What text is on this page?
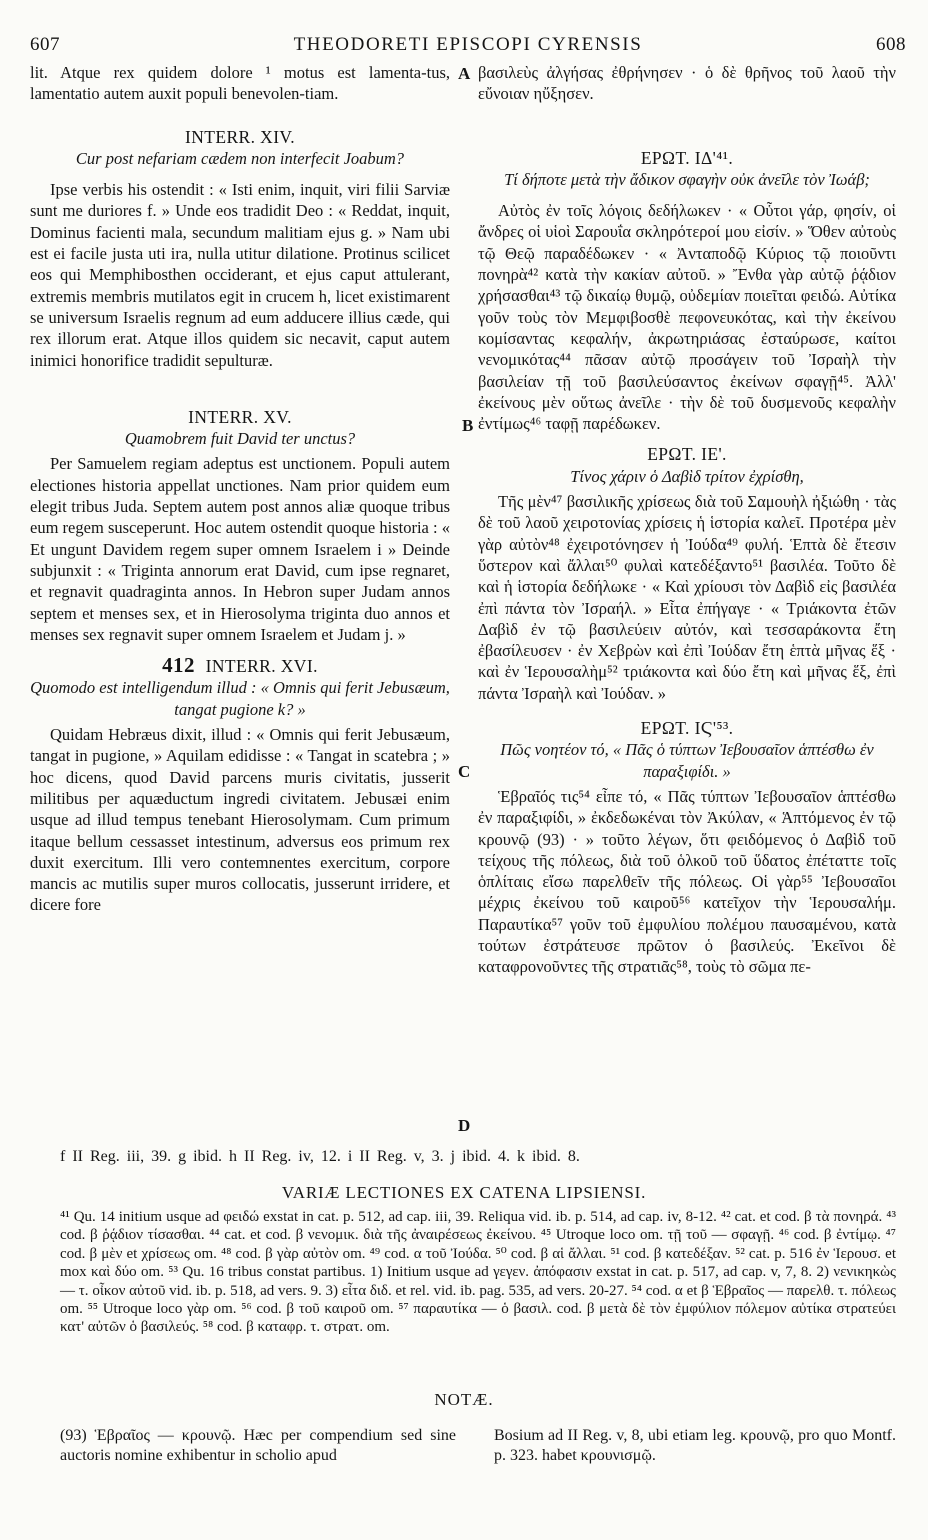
607	THEODORETI EPISCOPI CYRENSIS	608
A
B
C
D

lit. Atque rex quidem dolore ¹ motus est lamenta-tus, lamentatio autem auxit populi benevolen-tiam.

INTERR. XIV.
Cur post nefariam cædem non interfecit Joabum?

Ipse verbis his ostendit : « Isti enim, inquit, viri filii Sarviæ sunt me duriores f. » Unde eos tradidit Deo : « Reddat, inquit, Dominus facienti mala, secundum malitiam ejus g. » Nam ubi est ei facile justa uti ira, nulla utitur dilatione. Protinus scilicet eos qui Memphibosthen occiderant, et ejus caput attulerant, extremis membris mutilatos egit in crucem h, licet existimarent se universum Israelis regnum ad eum adducere illius cæde, qui rex illorum erat. Atque illos quidem sic necavit, caput autem inimici honorifice tradidit sepulturæ.

INTERR. XV.
Quamobrem fuit David ter unctus?

Per Samuelem regiam adeptus est unctionem. Populi autem electiones historia appellat unctiones. Nam prior quidem eum elegit tribus Juda. Septem autem post annos aliæ quoque tribus eum regem susceperunt. Hoc autem ostendit quoque historia : « Et ungunt Davidem regem super omnem Israelem i » Deinde subjunxit : « Triginta annorum erat David, cum ipse regnaret, et regnavit quadraginta annos. In Hebron super Judam annos septem et menses sex, et in Hierosolyma triginta duo annos et menses sex regnavit super omnem Israelem et Judam j. »

412 INTERR. XVI.
Quomodo est intelligendum illud : « Omnis qui ferit Jebusæum, tangat pugione k? »

Quidam Hebræus dixit, illud : « Omnis qui ferit Jebusæum, tangat in pugione, » Aquilam edidisse : « Tangat in scatebra ; » hoc dicens, quod David parcens muris civitatis, jusserit militibus per aquæductum ingredi civitatem. Jebusæi enim usque ad illud tempus tenebant Hierosolymam. Cum primum itaque bellum cessasset intestinum, adversus eos primum rex duxit exercitum. Illi vero contemnentes exercitum, corpore mancis ac mutilis super muros collocatis, jusserunt irridere, et dicere fore

βασιλεὺς ἀλγήσας ἐθρήνησεν · ὁ δὲ θρῆνος τοῦ λαοῦ τὴν εὔνοιαν ηὔξησεν.

ΕΡΩΤ. ΙΔ'⁴¹.
Τί δήποτε μετὰ τὴν ἄδικον σφαγὴν οὐκ ἀνεῖλε τὸν Ἰωάβ;

Αὐτὸς ἐν τοῖς λόγοις δεδήλωκεν · « Οὗτοι γάρ, φησίν, οἱ ἄνδρες οἱ υἱοὶ Σαρουΐα σκληρότεροί μου εἰσίν. » Ὅθεν αὐτοὺς τῷ Θεῷ παραδέδωκεν · « Ἀνταποδῷ Κύριος τῷ ποιοῦντι πονηρὰ⁴² κατὰ τὴν κακίαν αὐτοῦ. » Ἔνθα γὰρ αὐτῷ ῥᾴδιον χρήσασθαι⁴³ τῷ δικαίῳ θυμῷ, οὐδεμίαν ποιεῖται φειδώ. Αὐτίκα γοῦν τοὺς τὸν Μεμφιβοσθὲ πεφονευκότας, καὶ τὴν ἐκείνου κομίσαντας κεφαλήν, ἀκρωτηριάσας ἐσταύρωσε, καίτοι νενομικότας⁴⁴ πᾶσαν αὐτῷ προσάγειν τοῦ Ἰσραὴλ τὴν βασιλείαν τῇ τοῦ βασιλεύσαντος ἐκείνων σφαγῇ⁴⁵. Ἀλλ' ἐκείνους μὲν οὕτως ἀνεῖλε · τὴν δὲ τοῦ δυσμενοῦς κεφαλὴν ἐντίμως⁴⁶ ταφῇ παρέδωκεν.

ΕΡΩΤ. ΙΕ'.
Τίνος χάριν ὁ Δαβὶδ τρίτον ἐχρίσθη,

Τῆς μὲν⁴⁷ βασιλικῆς χρίσεως διὰ τοῦ Σαμουὴλ ἠξιώθη · τὰς δὲ τοῦ λαοῦ χειροτονίας χρίσεις ἡ ἱστορία καλεῖ. Προτέρα μὲν γὰρ αὐτὸν⁴⁸ ἐχειροτόνησεν ἡ Ἰούδα⁴⁹ φυλή. Ἑπτὰ δὲ ἔτεσιν ὕστερον καὶ ἄλλαι⁵⁰ φυλαὶ κατεδέξαντο⁵¹ βασιλέα. Τοῦτο δὲ καὶ ἡ ἱστορία δεδήλωκε · « Καὶ χρίουσι τὸν Δαβὶδ εἰς βασιλέα ἐπὶ πάντα τὸν Ἰσραήλ. » Εἶτα ἐπήγαγε · « Τριάκοντα ἐτῶν Δαβὶδ ἐν τῷ βασιλεύειν αὐτόν, καὶ τεσσαράκοντα ἔτη ἐβασίλευσεν · ἐν Χεβρὼν καὶ ἐπὶ Ἰούδαν ἔτη ἑπτὰ μῆνας ἕξ · καὶ ἐν Ἱερουσαλὴμ⁵² τριάκοντα καὶ δύο ἔτη καὶ μῆνας ἕξ, ἐπὶ πάντα Ἰσραὴλ καὶ Ἰούδαν. »

ΕΡΩΤ. ΙϚ'⁵³.
Πῶς νοητέον τό, « Πᾶς ὁ τύπτων Ἰεβουσαῖον ἁπτέσθω ἐν παραξιφίδι. »

Ἑβραῖός τις⁵⁴ εἶπε τό, « Πᾶς τύπτων Ἰεβουσαῖον ἁπτέσθω ἐν παραξιφίδι, » ἐκδεδωκέναι τὸν Ἀκύλαν, « Ἁπτόμενος ἐν τῷ κρουνῷ (93) · » τοῦτο λέγων, ὅτι φειδόμενος ὁ Δαβὶδ τοῦ τείχους τῆς πόλεως, διὰ τοῦ ὁλκοῦ τοῦ ὕδατος ἐπέταττε τοῖς ὁπλίταις εἴσω παρελθεῖν τῆς πόλεως. Οἱ γὰρ⁵⁵ Ἰεβουσαῖοι μέχρις ἐκείνου τοῦ καιροῦ⁵⁶ κατεῖχον τὴν Ἱερουσαλήμ. Παραυτίκα⁵⁷ γοῦν τοῦ ἐμφυλίου πολέμου παυσαμένου, κατὰ τούτων ἐστράτευσε πρῶτον ὁ βασιλεύς. Ἐκεῖνοι δὲ καταφρονοῦντες τῆς στρατιᾶς⁵⁸, τοὺς τὸ σῶμα πε-

f II Reg. iii, 39. g ibid. h II Reg. iv, 12. i II Reg. v, 3. j ibid. 4. k ibid. 8.
VARIÆ LECTIONES EX CATENA LIPSIENSI.
⁴¹ Qu. 14 initium usque ad φειδώ exstat in cat. p. 512, ad cap. iii, 39. Reliqua vid. ib. p. 514, ad cap. iv, 8-12. ⁴² cat. et cod. β τὰ πονηρά. ⁴³ cod. β ῥᾴδιον τίσασθαι. ⁴⁴ cat. et cod. β νενομικ. διὰ τῆς ἀναιρέσεως ἐκείνου. ⁴⁵ Utroque loco om. τῇ τοῦ — σφαγῇ. ⁴⁶ cod. β ἐντίμῳ. ⁴⁷ cod. β μὲν et χρίσεως om. ⁴⁸ cod. β γὰρ αὐτὸν om. ⁴⁹ cod. α τοῦ Ἰούδα. ⁵⁰ cod. β αἱ ἄλλαι. ⁵¹ cod. β κατεδέξαν. ⁵² cat. p. 516 ἐν Ἱερουσ. et mox καὶ δύο om. ⁵³ Qu. 16 tribus constat partibus. 1) Initium usque ad γεγεν. ἀπόφασιν exstat in cat. p. 517, ad cap. v, 7, 8. 2) νενικηκὼς — τ. οἶκον αὐτοῦ vid. ib. p. 518, ad vers. 9. 3) εἶτα διδ. et rel. vid. ib. pag. 535, ad vers. 20-27. ⁵⁴ cod. α et β Ἑβραῖος — παρελθ. τ. πόλεως om. ⁵⁵ Utroque loco γὰρ om. ⁵⁶ cod. β τοῦ καιροῦ om. ⁵⁷ παραυτίκα — ὁ βασιλ. cod. β μετὰ δὲ τὸν ἐμφύλιον πόλεμον αὐτίκα στρατεύει κατ' αὐτῶν ὁ βασιλεύς. ⁵⁸ cod. β καταφρ. τ. στρατ. om.
NOTÆ.
(93) Ἑβραῖος — κρουνῷ. Hæc per compendium sed sine auctoris nomine exhibentur in scholio apud
Bosium ad II Reg. v, 8, ubi etiam leg. κρουνῷ, pro quo Montf. p. 323. habet κρουνισμῷ.
